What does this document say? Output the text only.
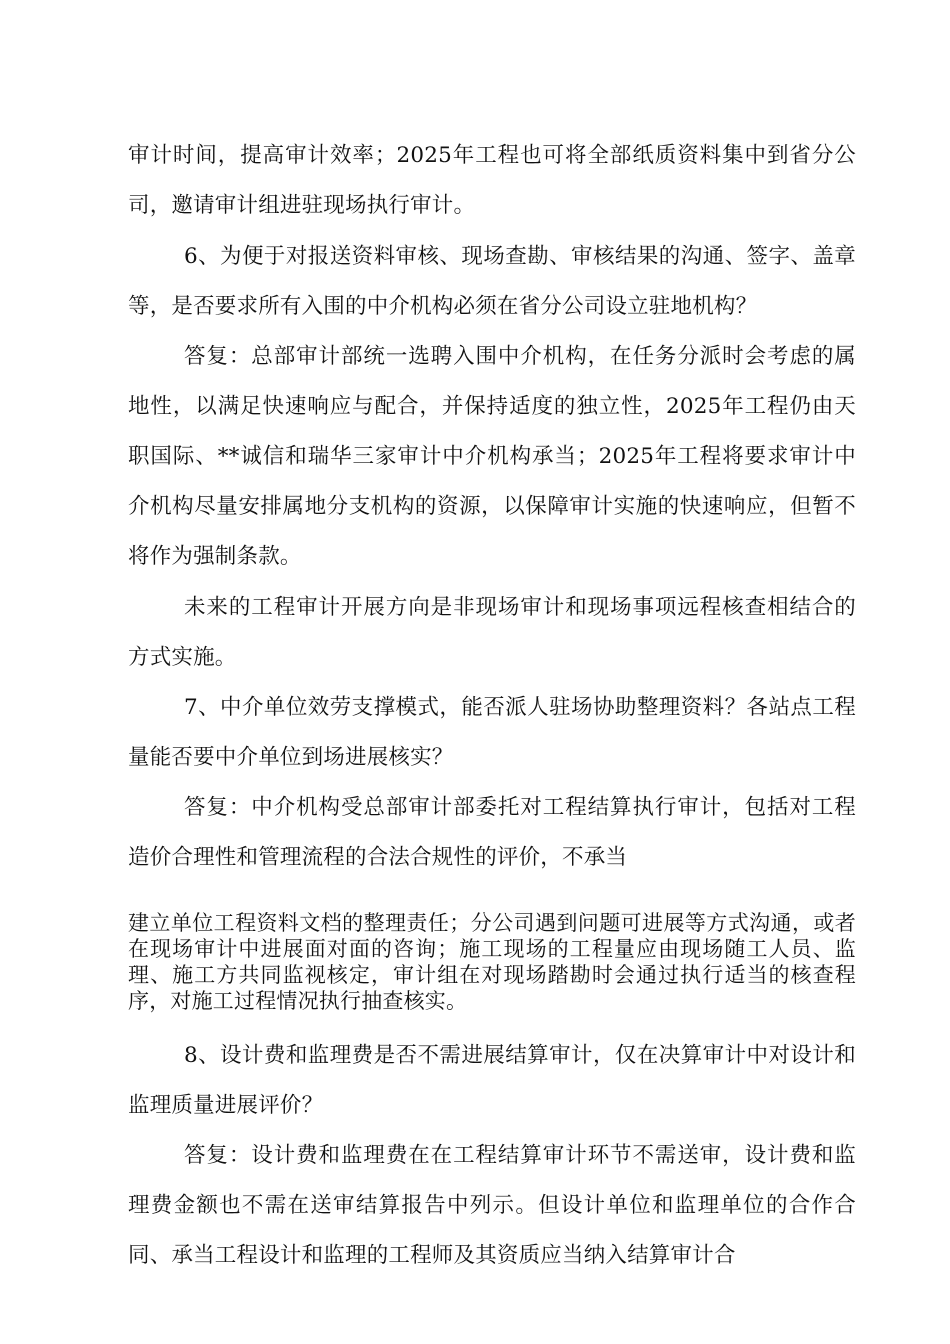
审计时间，提高审计效率；2025年工程也可将全部纸质资料集中到省分公司，邀请审计组进驻现场执行审计。

6、为便于对报送资料审核、现场查勘、审核结果的沟通、签字、盖章等，是否要求所有入围的中介机构必须在省分公司设立驻地机构？

答复：总部审计部统一选聘入围中介机构，在任务分派时会考虑的属地性，以满足快速响应与配合，并保持适度的独立性，2025年工程仍由天职国际、**诚信和瑞华三家审计中介机构承当；2025年工程将要求审计中介机构尽量安排属地分支机构的资源，以保障审计实施的快速响应，但暂不将作为强制条款。

未来的工程审计开展方向是非现场审计和现场事项远程核查相结合的方式实施。

7、中介单位效劳支撑模式，能否派人驻场协助整理资料？各站点工程量能否要中介单位到场进展核实？

答复：中介机构受总部审计部委托对工程结算执行审计，包括对工程造价合理性和管理流程的合法合规性的评价，不承当

建立单位工程资料文档的整理责任；分公司遇到问题可进展等方式沟通，或者在现场审计中进展面对面的咨询；施工现场的工程量应由现场随工人员、监理、施工方共同监视核定，审计组在对现场踏勘时会通过执行适当的核查程序，对施工过程情况执行抽查核实。

8、设计费和监理费是否不需进展结算审计，仅在决算审计中对设计和监理质量进展评价？

答复：设计费和监理费在在工程结算审计环节不需送审，设计费和监理费金额也不需在送审结算报告中列示。但设计单位和监理单位的合作合同、承当工程设计和监理的工程师及其资质应当纳入结算审计合
